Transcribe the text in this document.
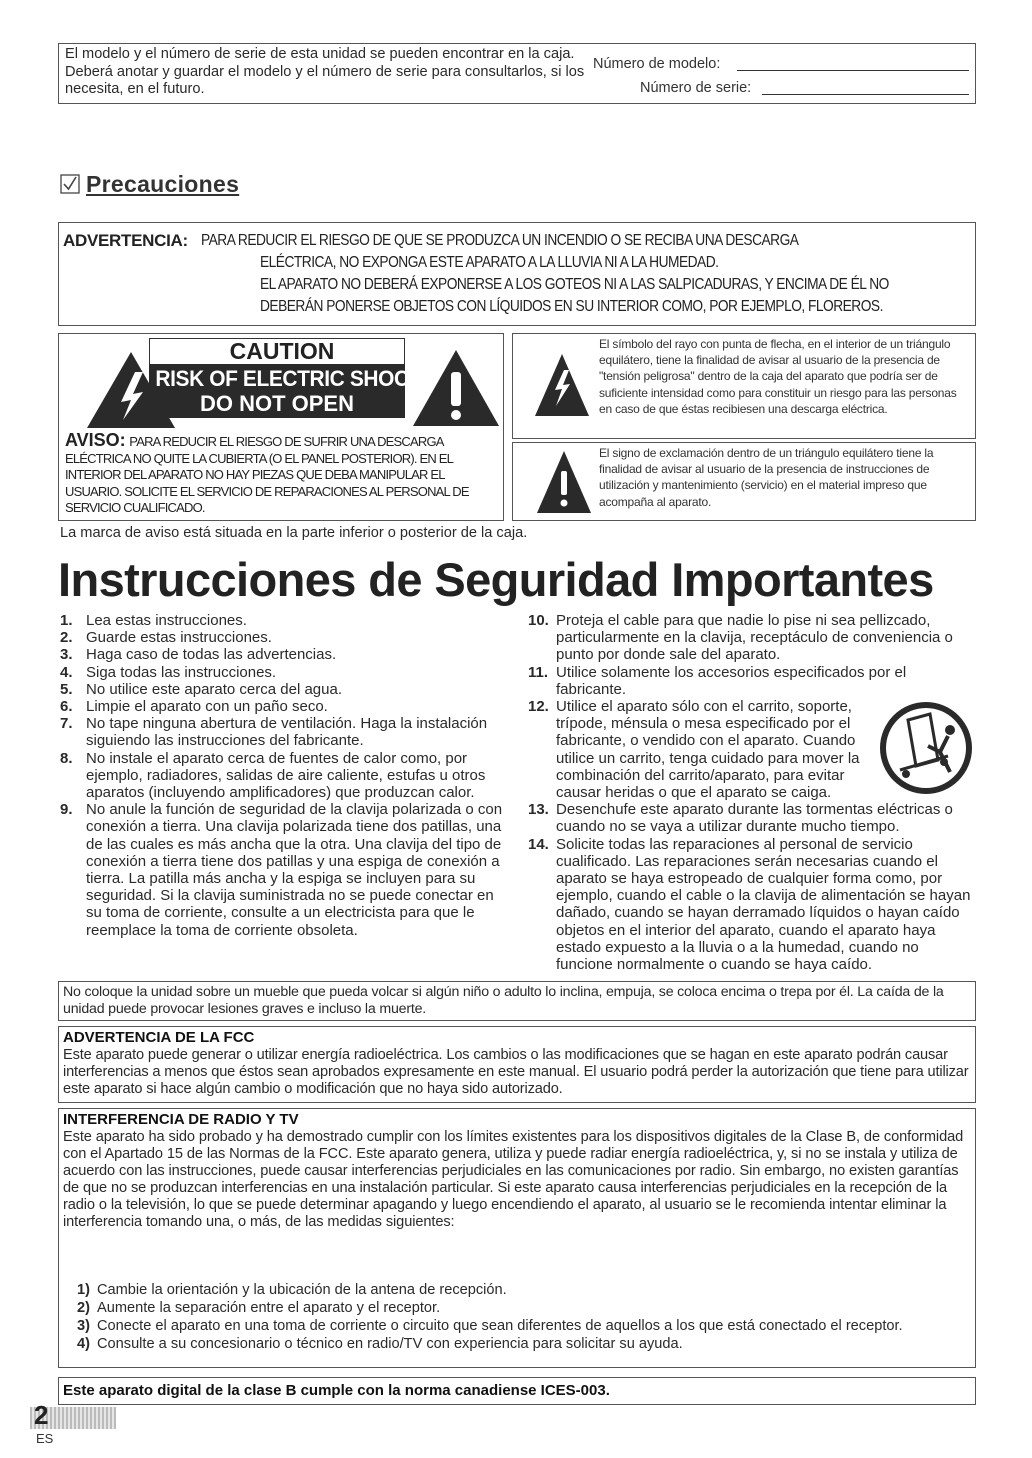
El modelo y el número de serie de esta unidad se pueden encontrar en la caja. Deberá anotar y guardar el modelo y el número de serie para consultarlos, si los necesita, en el futuro.
Número de modelo:
Número de serie:
Precauciones
ADVERTENCIA: PARA REDUCIR EL RIESGO DE QUE SE PRODUZCA UN INCENDIO O SE RECIBA UNA DESCARGA
ELÉCTRICA, NO EXPONGA ESTE APARATO A LA LLUVIA NI A LA HUMEDAD.
EL APARATO NO DEBERÁ EXPONERSE A LOS GOTEOS NI A LAS SALPICADURAS, Y ENCIMA DE ÉL NO
DEBERÁN PONERSE OBJETOS CON LÍQUIDOS EN SU INTERIOR COMO, POR EJEMPLO, FLOREROS.
CAUTION
RISK OF ELECTRIC SHOCK
DO NOT OPEN
AVISO: PARA REDUCIR EL RIESGO DE SUFRIR UNA DESCARGA ELÉCTRICA NO QUITE LA CUBIERTA (O EL PANEL POSTERIOR). EN EL INTERIOR DEL APARATO NO HAY PIEZAS QUE DEBA MANIPULAR EL USUARIO. SOLICITE EL SERVICIO DE REPARACIONES AL PERSONAL DE SERVICIO CUALIFICADO.
El símbolo del rayo con punta de flecha, en el interior de un triángulo equilátero, tiene la finalidad de avisar al usuario de la presencia de "tensión peligrosa" dentro de la caja del aparato que podría ser de suficiente intensidad como para constituir un riesgo para las personas en caso de que éstas recibiesen una descarga eléctrica.
El signo de exclamación dentro de un triángulo equilátero tiene la finalidad de avisar al usuario de la presencia de instrucciones de utilización y mantenimiento (servicio) en el material impreso que acompaña al aparato.
La marca de aviso está situada en la parte inferior o posterior de la caja.
Instrucciones de Seguridad Importantes
1. Lea estas instrucciones.
2. Guarde estas instrucciones.
3. Haga caso de todas las advertencias.
4. Siga todas las instrucciones.
5. No utilice este aparato cerca del agua.
6. Limpie el aparato con un paño seco.
7. No tape ninguna abertura de ventilación. Haga la instalación siguiendo las instrucciones del fabricante.
8. No instale el aparato cerca de fuentes de calor como, por ejemplo, radiadores, salidas de aire caliente, estufas u otros aparatos (incluyendo amplificadores) que produzcan calor.
9. No anule la función de seguridad de la clavija polarizada o con conexión a tierra. Una clavija polarizada tiene dos patillas, una de las cuales es más ancha que la otra. Una clavija del tipo de conexión a tierra tiene dos patillas y una espiga de conexión a tierra. La patilla más ancha y la espiga se incluyen para su seguridad. Si la clavija suministrada no se puede conectar en su toma de corriente, consulte a un electricista para que le reemplace la toma de corriente obsoleta.
10. Proteja el cable para que nadie lo pise ni sea pellizcado, particularmente en la clavija, receptáculo de conveniencia o punto por donde sale del aparato.
11. Utilice solamente los accesorios especificados por el fabricante.
12. Utilice el aparato sólo con el carrito, soporte, trípode, ménsula o mesa especificado por el fabricante, o vendido con el aparato. Cuando utilice un carrito, tenga cuidado para mover la combinación del carrito/aparato, para evitar causar heridas o que el aparato se caiga.
13. Desenchufe este aparato durante las tormentas eléctricas o cuando no se vaya a utilizar durante mucho tiempo.
14. Solicite todas las reparaciones al personal de servicio cualificado. Las reparaciones serán necesarias cuando el aparato se haya estropeado de cualquier forma como, por ejemplo, cuando el cable o la clavija de alimentación se hayan dañado, cuando se hayan derramado líquidos o hayan caído objetos en el interior del aparato, cuando el aparato haya estado expuesto a la lluvia o a la humedad, cuando no funcione normalmente o cuando se haya caído.
No coloque la unidad sobre un mueble que pueda volcar si algún niño o adulto lo inclina, empuja, se coloca encima o trepa por él. La caída de la unidad puede provocar lesiones graves e incluso la muerte.
ADVERTENCIA DE LA FCC
Este aparato puede generar o utilizar energía radioeléctrica. Los cambios o las modificaciones que se hagan en este aparato podrán causar interferencias a menos que éstos sean aprobados expresamente en este manual. El usuario podrá perder la autorización que tiene para utilizar este aparato si hace algún cambio o modificación que no haya sido autorizado.
INTERFERENCIA DE RADIO Y TV
Este aparato ha sido probado y ha demostrado cumplir con los límites existentes para los dispositivos digitales de la Clase B, de conformidad con el Apartado 15 de las Normas de la FCC. Este aparato genera, utiliza y puede radiar energía radioeléctrica, y, si no se instala y utiliza de acuerdo con las instrucciones, puede causar interferencias perjudiciales en las comunicaciones por radio. Sin embargo, no existen garantías de que no se produzcan interferencias en una instalación particular. Si este aparato causa interferencias perjudiciales en la recepción de la radio o la televisión, lo que se puede determinar apagando y luego encendiendo el aparato, al usuario se le recomienda intentar eliminar la interferencia tomando una, o más, de las medidas siguientes:
1) Cambie la orientación y la ubicación de la antena de recepción.
2) Aumente la separación entre el aparato y el receptor.
3) Conecte el aparato en una toma de corriente o circuito que sean diferentes de aquellos a los que está conectado el receptor.
4) Consulte a su concesionario o técnico en radio/TV con experiencia para solicitar su ayuda.
Este aparato digital de la clase B cumple con la norma canadiense ICES-003.
2
ES
